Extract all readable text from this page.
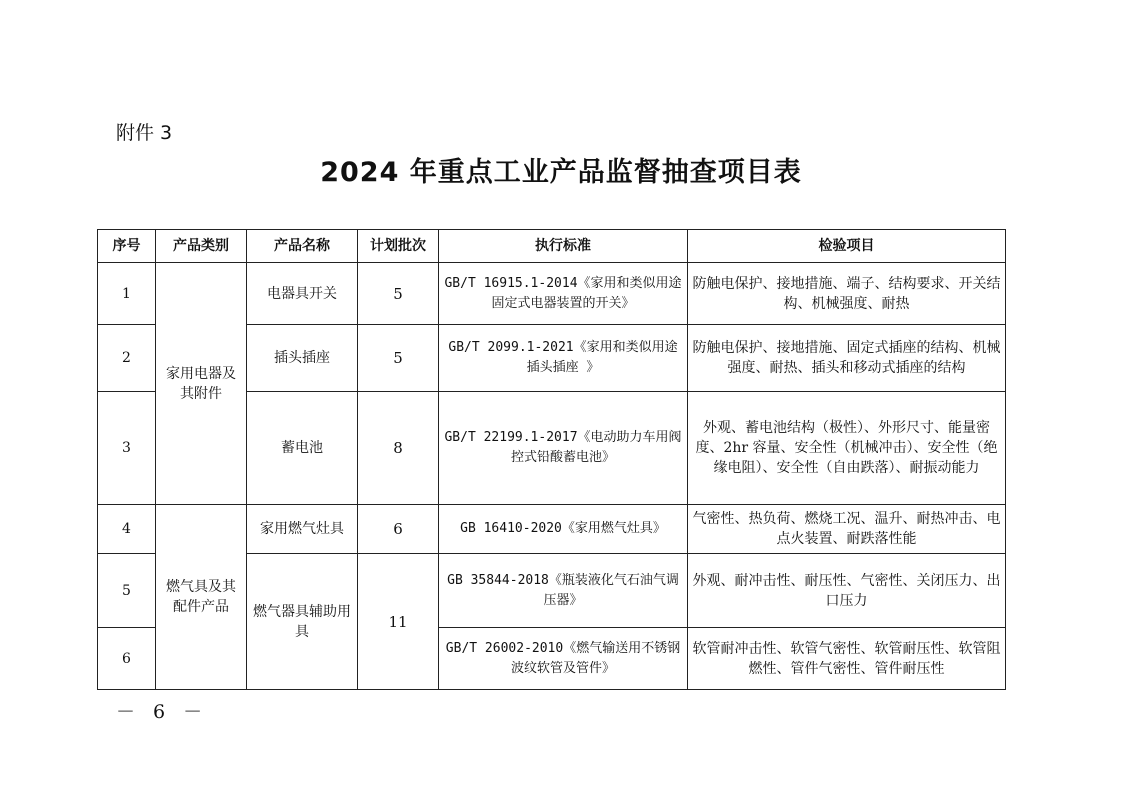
附件 3
2024 年重点工业产品监督抽查项目表
序号	产品类别	产品名称	计划批次	执行标准	检验项目
1	家用电器及其附件	电器具开关	5	GB/T 16915.1-2014《家用和类似用途固定式电器装置的开关》	防触电保护、接地措施、端子、结构要求、开关结构、机械强度、耐热
2		插头插座	5	GB/T 2099.1-2021《家用和类似用途插头插座 》	防触电保护、接地措施、固定式插座的结构、机械强度、耐热、插头和移动式插座的结构
3		蓄电池	8	GB/T 22199.1-2017《电动助力车用阀控式铅酸蓄电池》	外观、蓄电池结构（极性）、外形尺寸、能量密度、2hr 容量、安全性（机械冲击）、安全性（绝缘电阻）、安全性（自由跌落）、耐振动能力
4	燃气具及其配件产品	家用燃气灶具	6	GB 16410-2020《家用燃气灶具》	气密性、热负荷、燃烧工况、温升、耐热冲击、电点火装置、耐跌落性能
5		燃气器具辅助用具	11	GB 35844-2018《瓶装液化气石油气调压器》	外观、耐冲击性、耐压性、气密性、关闭压力、出口压力
6				GB/T 26002-2010《燃气输送用不锈钢波纹软管及管件》	软管耐冲击性、软管气密性、软管耐压性、软管阻燃性、管件气密性、管件耐压性
－ 6 －
